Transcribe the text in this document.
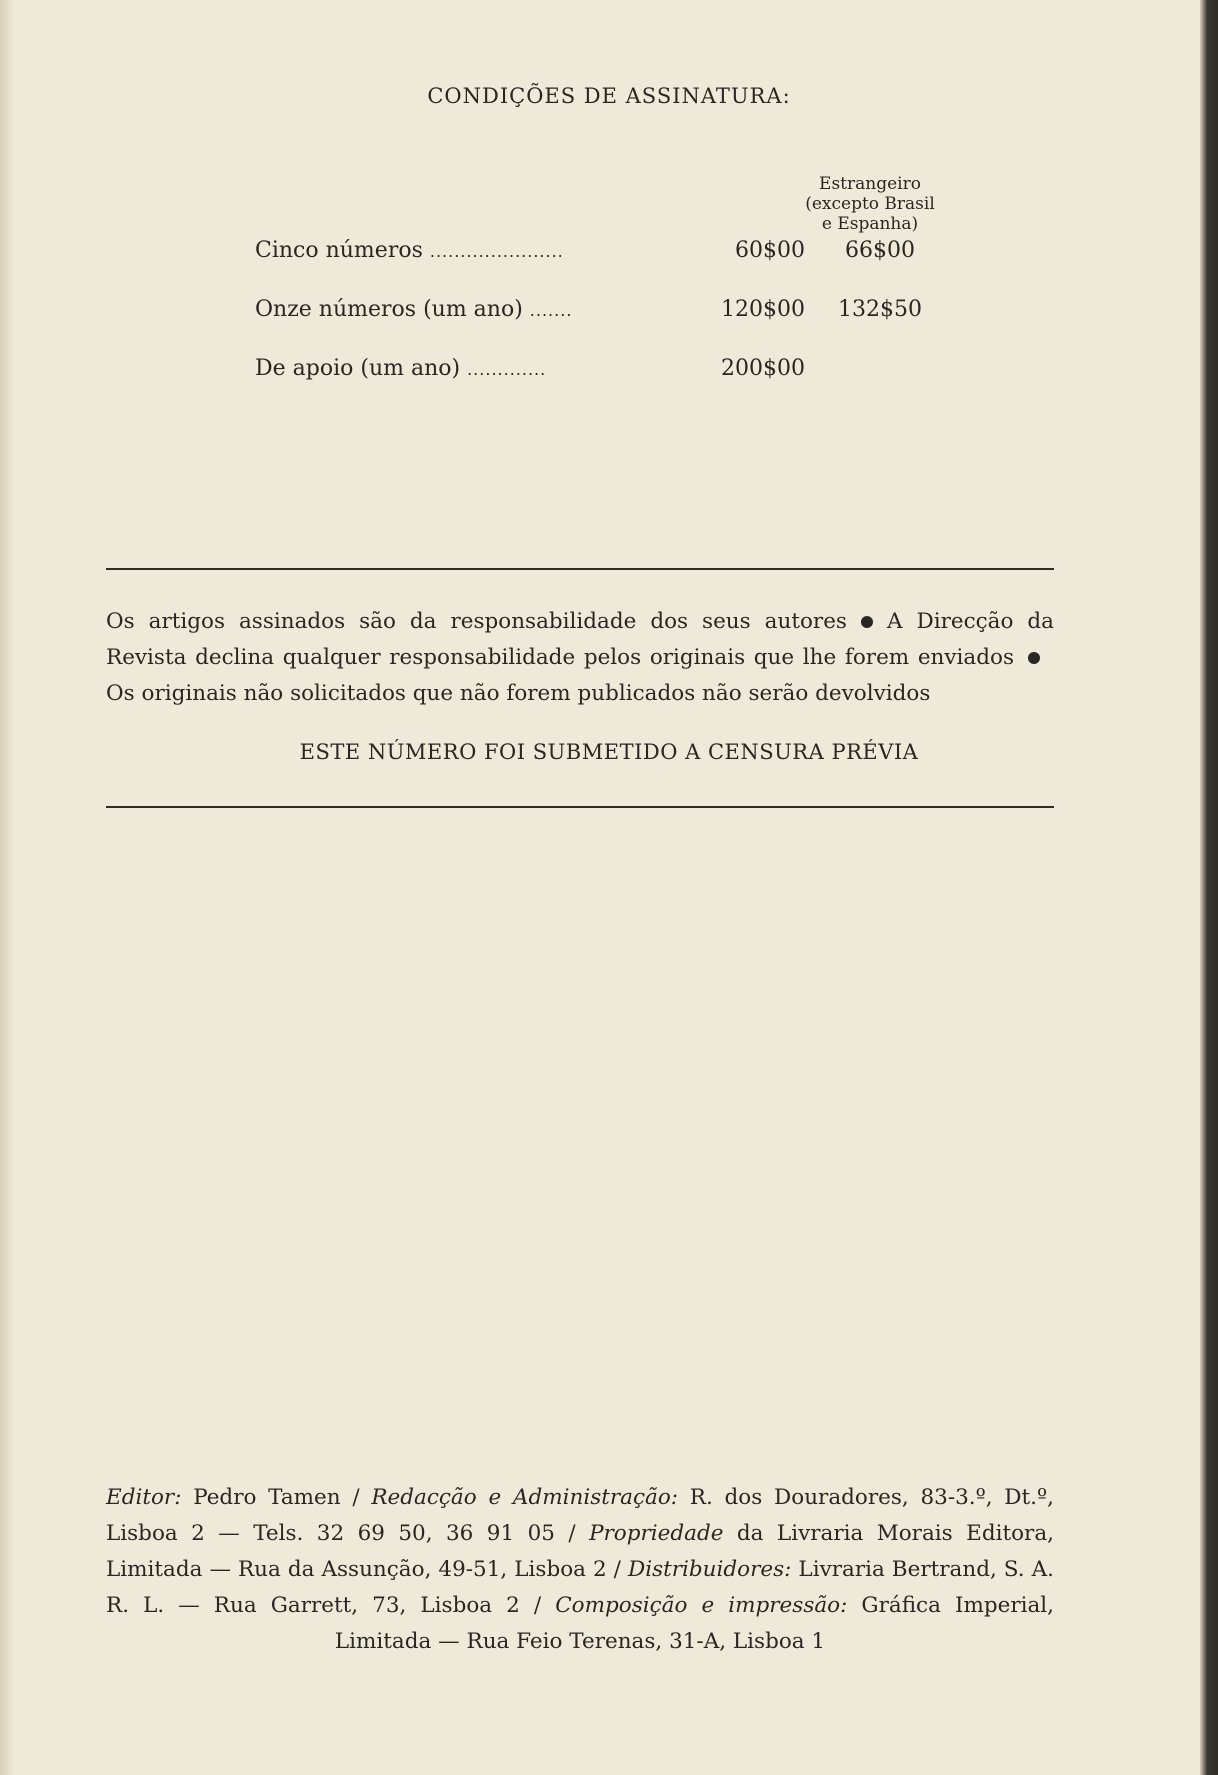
CONDIÇÕES DE ASSINATURA:
Estrangeiro
(excepto Brasil
e Espanha)
Cinco números ......................	60$00	66$00
Onze números (um ano) .......	120$00	132$50
De apoio (um ano) .............	200$00
Os artigos assinados são da responsabilidade dos seus autores A Direcção da Revista declina qualquer responsabilidade pelos originais que lhe forem enviadosOs originais não solicitados que não forem publicados não serão devolvidos
ESTE NÚMERO FOI SUBMETIDO A CENSURA PRÉVIA
Editor: Pedro Tamen / Redacção e Administração: R. dos Douradores, 83-3.º, Dt.º, Lisboa 2 — Tels. 32 69 50, 36 91 05 / Propriedade da Livraria Morais Editora, Limitada — Rua da Assunção, 49-51, Lisboa 2 / Distribuidores: Livraria Bertrand, S. A. R. L. — Rua Garrett, 73, Lisboa 2 / Composição e impressão: Gráfica Imperial, Limitada — Rua Feio Terenas, 31-A, Lisboa 1
